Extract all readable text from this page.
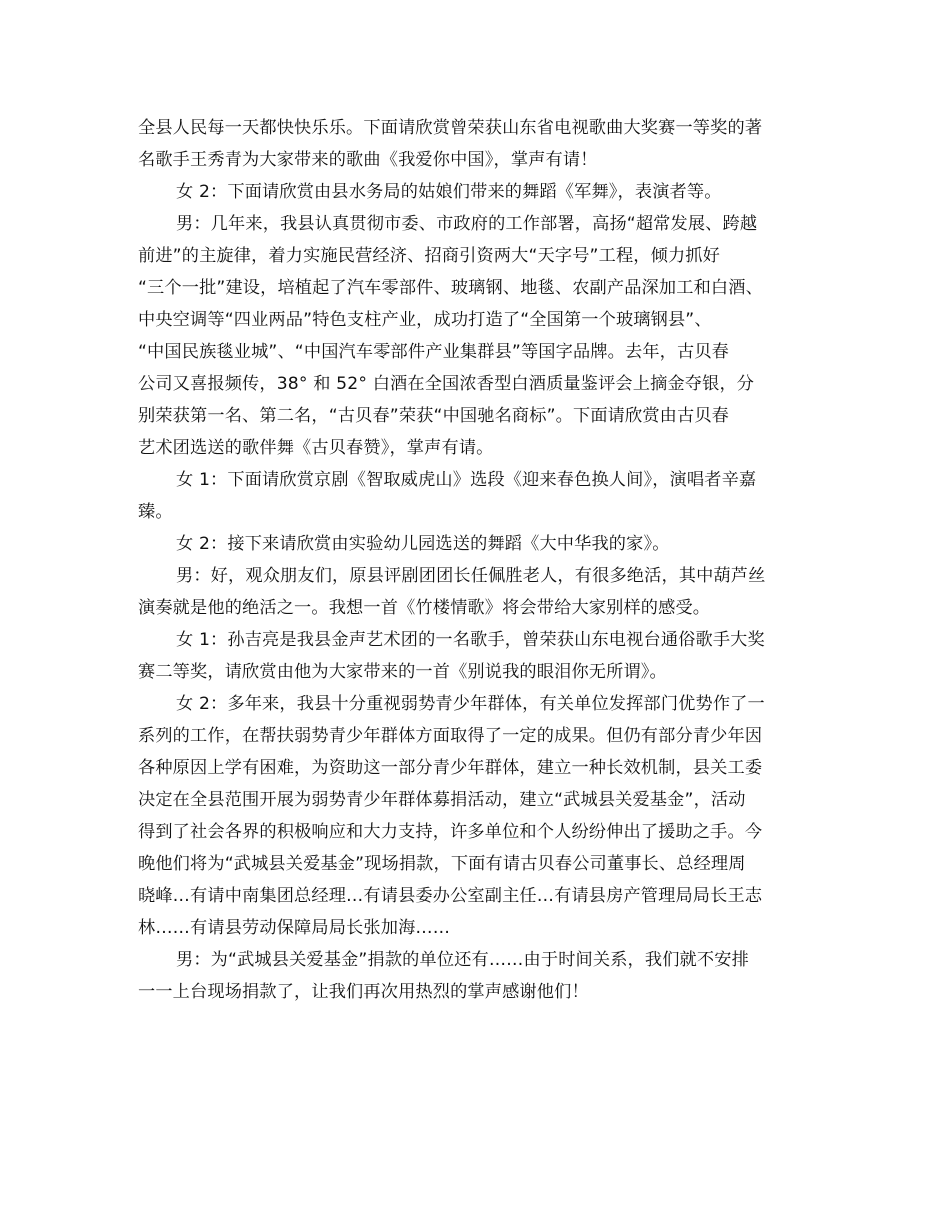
全县人民每一天都快快乐乐。下面请欣赏曾荣获山东省电视歌曲大奖赛一等奖的著
名歌手王秀青为大家带来的歌曲《我爱你中国》，掌声有请！
女 2：下面请欣赏由县水务局的姑娘们带来的舞蹈《军舞》，表演者等。
男：几年来，我县认真贯彻市委、市政府的工作部署，高扬“超常发展、跨越
前进”的主旋律，着力实施民营经济、招商引资两大“天字号”工程，倾力抓好
“三个一批”建设，培植起了汽车零部件、玻璃钢、地毯、农副产品深加工和白酒、
中央空调等“四业两品”特色支柱产业，成功打造了“全国第一个玻璃钢县”、
“中国民族毯业城”、“中国汽车零部件产业集群县”等国字品牌。去年，古贝春
公司又喜报频传，38° 和 52° 白酒在全国浓香型白酒质量鉴评会上摘金夺银，分
别荣获第一名、第二名，“古贝春”荣获“中国驰名商标”。下面请欣赏由古贝春
艺术团选送的歌伴舞《古贝春赞》，掌声有请。
女 1：下面请欣赏京剧《智取威虎山》选段《迎来春色换人间》，演唱者辛嘉
臻。
女 2：接下来请欣赏由实验幼儿园选送的舞蹈《大中华我的家》。
男：好，观众朋友们，原县评剧团团长任佩胜老人，有很多绝活，其中葫芦丝
演奏就是他的绝活之一。我想一首《竹楼情歌》将会带给大家别样的感受。
女 1：孙吉亮是我县金声艺术团的一名歌手，曾荣获山东电视台通俗歌手大奖
赛二等奖，请欣赏由他为大家带来的一首《别说我的眼泪你无所谓》。
女 2：多年来，我县十分重视弱势青少年群体，有关单位发挥部门优势作了一
系列的工作，在帮扶弱势青少年群体方面取得了一定的成果。但仍有部分青少年因
各种原因上学有困难，为资助这一部分青少年群体，建立一种长效机制，县关工委
决定在全县范围开展为弱势青少年群体募捐活动，建立“武城县关爱基金”，活动
得到了社会各界的积极响应和大力支持，许多单位和个人纷纷伸出了援助之手。今
晚他们将为“武城县关爱基金”现场捐款，下面有请古贝春公司董事长、总经理周
晓峰…有请中南集团总经理…有请县委办公室副主任…有请县房产管理局局长王志
林……有请县劳动保障局局长张加海……
男：为“武城县关爱基金”捐款的单位还有……由于时间关系，我们就不安排
一一上台现场捐款了，让我们再次用热烈的掌声感谢他们！
